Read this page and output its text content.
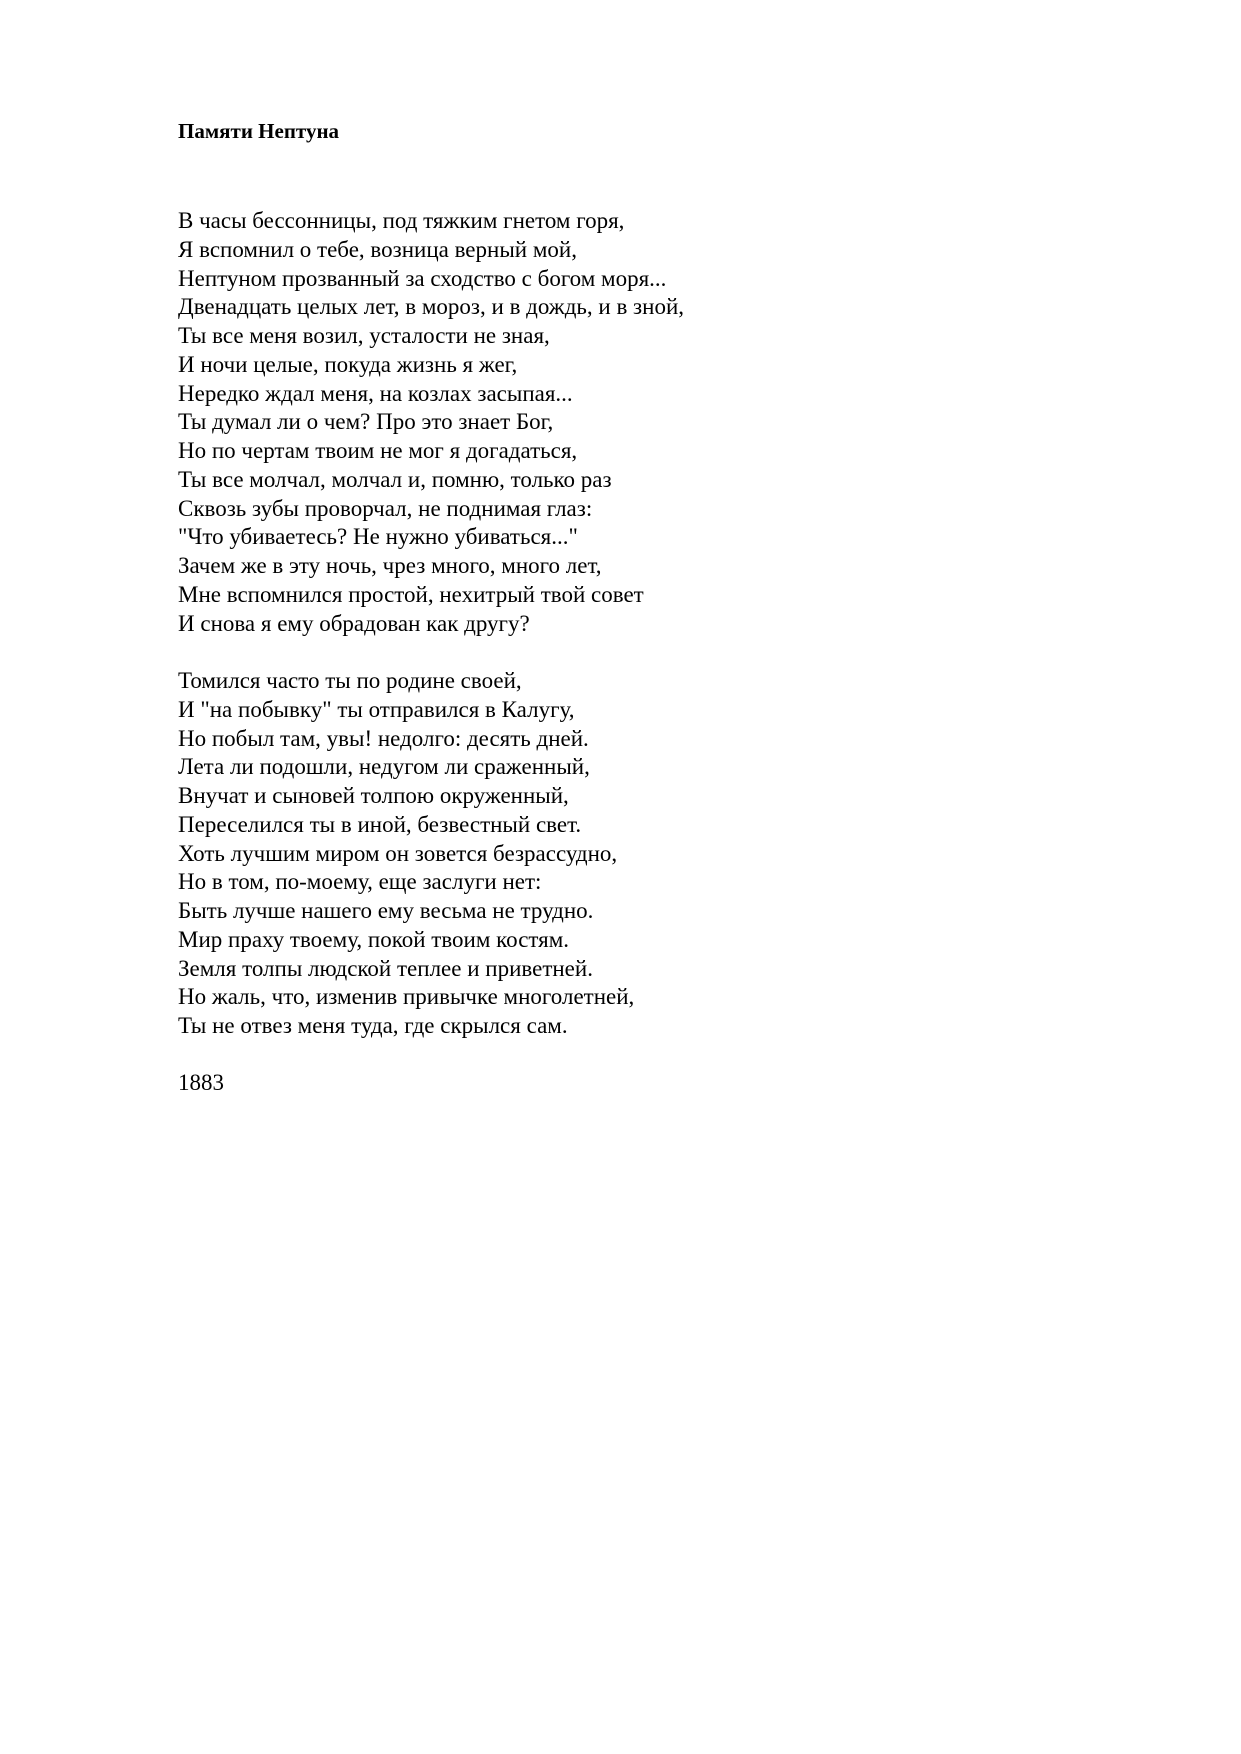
Памяти Нептуна
В часы бессонницы, под тяжким гнетом горя,
Я вспомнил о тебе, возница верный мой,
Нептуном прозванный за сходство с богом моря...
Двенадцать целых лет, в мороз, и в дождь, и в зной,
Ты все меня возил, усталости не зная,
И ночи целые, покуда жизнь я жег,
Нередко ждал меня, на козлах засыпая...
Ты думал ли о чем? Про это знает Бог,
Но по чертам твоим не мог я догадаться,
Ты все молчал, молчал и, помню, только раз
Сквозь зубы проворчал, не поднимая глаз:
"Что убиваетесь? Не нужно убиваться..."
Зачем же в эту ночь, чрез много, много лет,
Мне вспомнился простой, нехитрый твой совет
И снова я ему обрадован как другу?
Томился часто ты по родине своей,
И "на побывку" ты отправился в Калугу,
Но побыл там, увы! недолго: десять дней.
Лета ли подошли, недугом ли сраженный,
Внучат и сыновей толпою окруженный,
Переселился ты в иной, безвестный свет.
Хоть лучшим миром он зовется безрассудно,
Но в том, по-моему, еще заслуги нет:
Быть лучше нашего ему весьма не трудно.
Мир праху твоему, покой твоим костям.
Земля толпы людской теплее и приветней.
Но жаль, что, изменив привычке многолетней,
Ты не отвез меня туда, где скрылся сам.
1883
